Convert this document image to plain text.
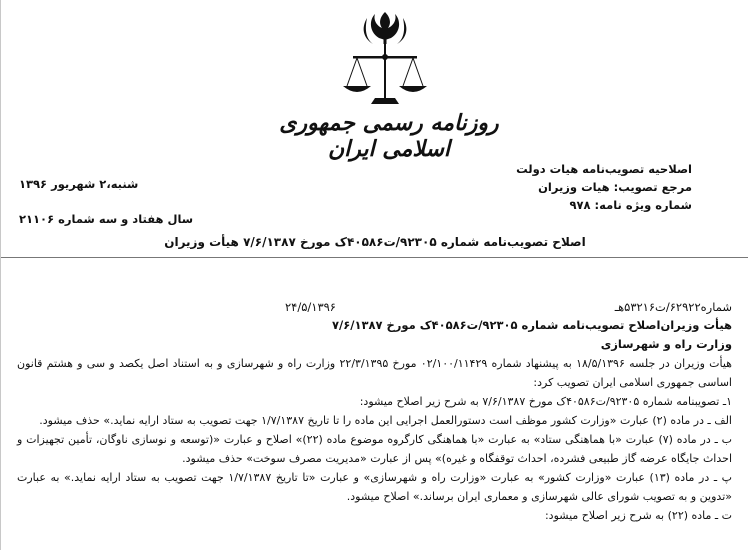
روزنامه رسمی جمهوری اسلامی ایران
اصلاحیه تصویب‌نامه هیات دولت
مرجع تصویب: هیات وزیران
شماره ویژه نامه: ۹۷۸
شنبه،۲ شهریور ۱۳۹۶
سال هفتاد و سه شماره ۲۱۱۰۶
اصلاح تصویب‌نامه شماره ۹۲۳۰۵/ت۴۰۵۸۶ک مورخ ۷/۶/۱۳۸۷ هیأت وزیران
شماره۶۲۹۲۲/ت۵۳۲۱۶هـ
۲۴/۵/۱۳۹۶

هیأت وزیران‌اصلاح تصویب‌نامه شماره ۹۲۳۰۵/ت۴۰۵۸۶ک مورخ ۷/۶/۱۳۸۷

وزارت راه و شهرسازی

هیأت وزیران در جلسه ۱۸/۵/۱۳۹۶ به پیشنهاد شماره ۰۲/۱۰۰/۱۱۴۲۹ مورخ ۲۲/۳/۱۳۹۵ وزارت راه و شهرسازی و به استناد اصل یکصد و سی و هشتم قانون اساسی جمهوری اسلامی ایران تصویب کرد:

۱ـ تصویبنامه شماره ۹۲۳۰۵/ت۴۰۵۸۶ک مورخ ۷/۶/۱۳۸۷ به شرح زیر اصلاح میشود:

الف ـ در ماده (۲) عبارت «وزارت کشور موظف است دستورالعمل اجرایی این ماده را تا تاریخ ۱/۷/۱۳۸۷ جهت تصویب به ستاد ارایه نماید.» حذف میشود.

ب ـ در ماده (۷) عبارت «با هماهنگی ستاد» به عبارت «با هماهنگی کارگروه موضوع ماده (۲۲)» اصلاح و عبارت «(توسعه و نوسازی ناوگان، تأمین تجهیزات و احداث جایگاه عرضه گاز طبیعی فشرده، احداث توقفگاه و غیره)» پس از عبارت «مدیریت مصرف سوخت» حذف میشود.

پ ـ در ماده (۱۳) عبارت «وزارت کشور» به عبارت «وزارت راه و شهرسازی» و عبارت «تا تاریخ ۱/۷/۱۳۸۷ جهت تصویب به ستاد ارایه نماید.» به عبارت «تدوین و به تصویب شورای عالی شهرسازی و معماری ایران برساند.» اصلاح میشود.

ت ـ ماده (۲۲) به شرح زیر اصلاح میشود:
